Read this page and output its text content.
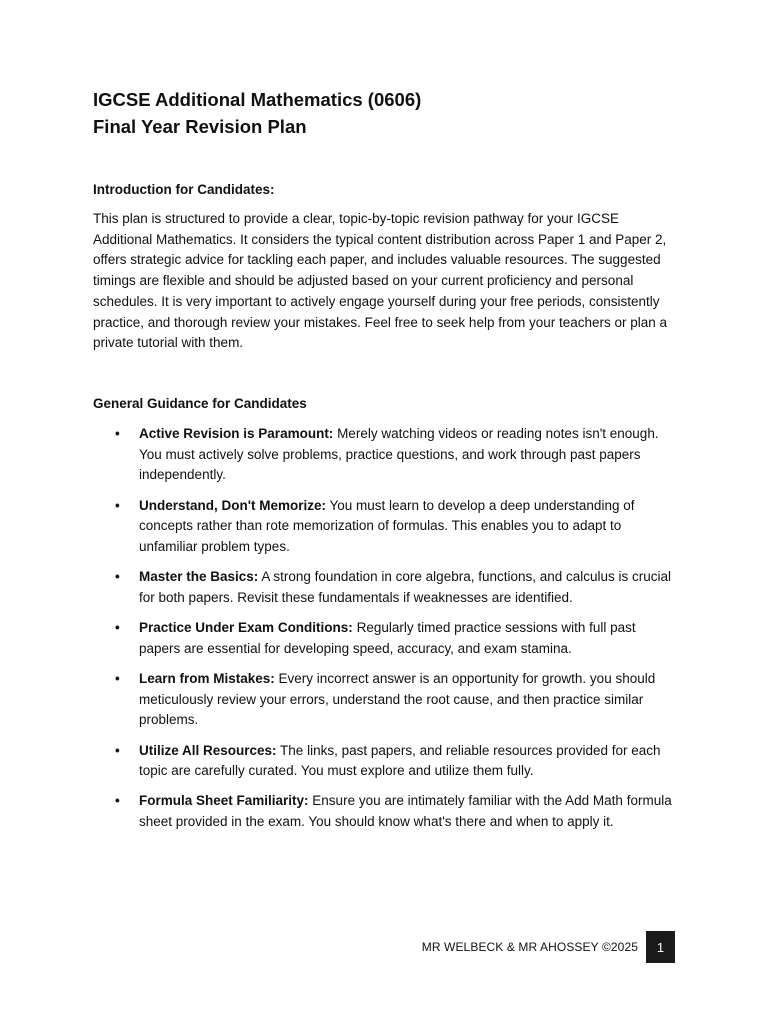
IGCSE Additional Mathematics (0606)
Final Year Revision Plan
Introduction for Candidates:

This plan is structured to provide a clear, topic-by-topic revision pathway for your IGCSE Additional Mathematics. It considers the typical content distribution across Paper 1 and Paper 2, offers strategic advice for tackling each paper, and includes valuable resources. The suggested timings are flexible and should be adjusted based on your current proficiency and personal schedules. It is very important to actively engage yourself during your free periods, consistently practice, and thorough review your mistakes. Feel free to seek help from your teachers or plan a private tutorial with them.

General Guidance for Candidates
• Active Revision is Paramount: Merely watching videos or reading notes isn't enough. You must actively solve problems, practice questions, and work through past papers independently.
• Understand, Don't Memorize: You must learn to develop a deep understanding of concepts rather than rote memorization of formulas. This enables you to adapt to unfamiliar problem types.
• Master the Basics: A strong foundation in core algebra, functions, and calculus is crucial for both papers. Revisit these fundamentals if weaknesses are identified.
• Practice Under Exam Conditions: Regularly timed practice sessions with full past papers are essential for developing speed, accuracy, and exam stamina.
• Learn from Mistakes: Every incorrect answer is an opportunity for growth. you should meticulously review your errors, understand the root cause, and then practice similar problems.
• Utilize All Resources: The links, past papers, and reliable resources provided for each topic are carefully curated. You must explore and utilize them fully.
• Formula Sheet Familiarity: Ensure you are intimately familiar with the Add Math formula sheet provided in the exam. You should know what's there and when to apply it.
MR WELBECK & MR AHOSSEY ©2025	1
